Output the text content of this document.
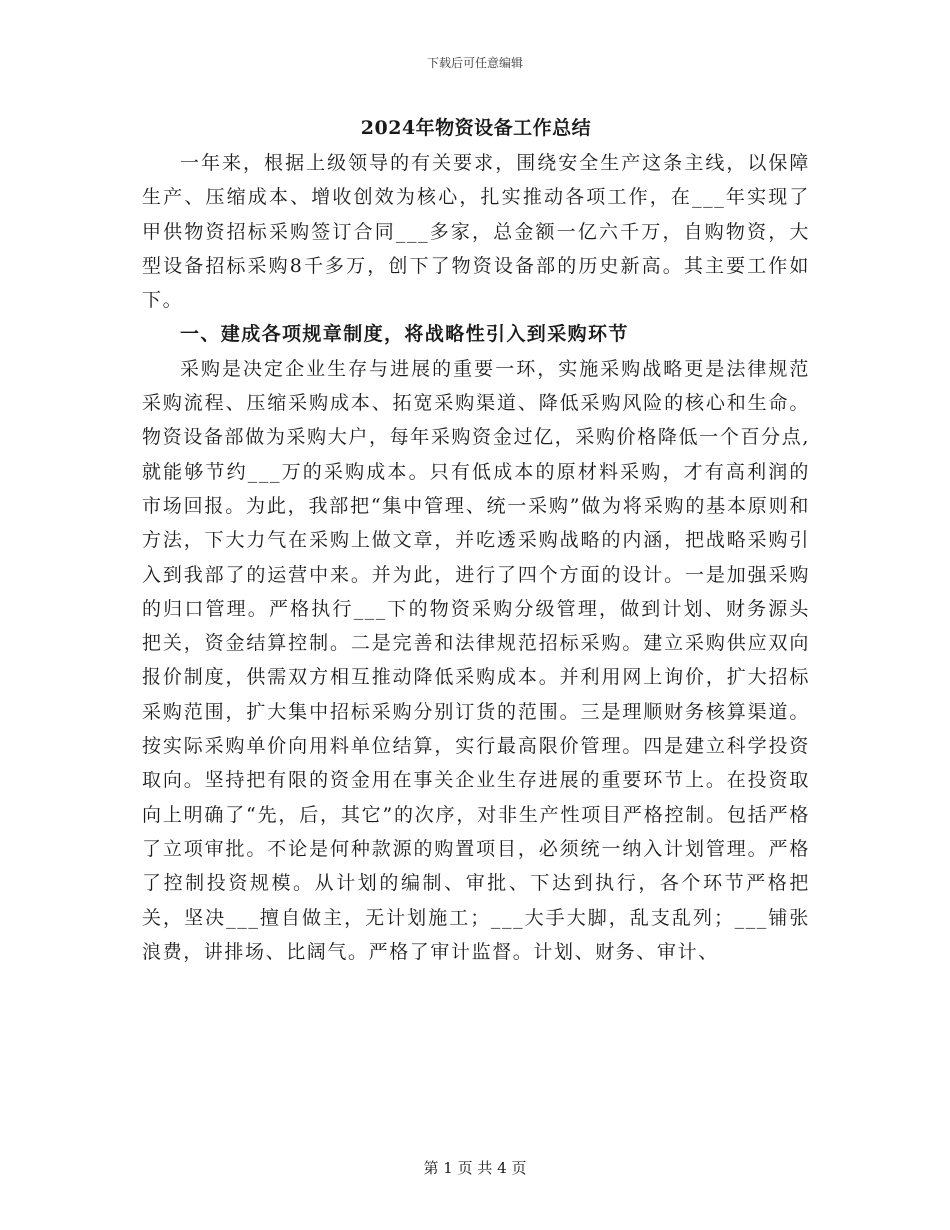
下载后可任意编辑
2024年物资设备工作总结

一年来，根据上级领导的有关要求，围绕安全生产这条主线，以保障生产、压缩成本、增收创效为核心，扎实推动各项工作，在___年实现了甲供物资招标采购签订合同___多家，总金额一亿六千万，自购物资，大型设备招标采购8千多万，创下了物资设备部的历史新高。其主要工作如下。

一、建成各项规章制度，将战略性引入到采购环节

采购是决定企业生存与进展的重要一环，实施采购战略更是法律规范采购流程、压缩采购成本、拓宽采购渠道、降低采购风险的核心和生命。物资设备部做为采购大户，每年采购资金过亿，采购价格降低一个百分点,就能够节约___万的采购成本。只有低成本的原材料采购，才有高利润的市场回报。为此，我部把“集中管理、统一采购”做为将采购的基本原则和方法，下大力气在采购上做文章，并吃透采购战略的内涵，把战略采购引入到我部了的运营中来。并为此，进行了四个方面的设计。一是加强采购的归口管理。严格执行___下的物资采购分级管理，做到计划、财务源头把关，资金结算控制。二是完善和法律规范招标采购。建立采购供应双向报价制度，供需双方相互推动降低采购成本。并利用网上询价，扩大招标采购范围，扩大集中招标采购分别订货的范围。三是理顺财务核算渠道。按实际采购单价向用料单位结算，实行最高限价管理。四是建立科学投资取向。坚持把有限的资金用在事关企业生存进展的重要环节上。在投资取向上明确了“先，后，其它”的次序，对非生产性项目严格控制。包括严格了立项审批。不论是何种款源的购置项目，必须统一纳入计划管理。严格了控制投资规模。从计划的编制、审批、下达到执行，各个环节严格把关，坚决___擅自做主，无计划施工；___大手大脚，乱支乱列；___铺张浪费，讲排场、比阔气。严格了审计监督。计划、财务、审计、

第 1 页 共 4 页
